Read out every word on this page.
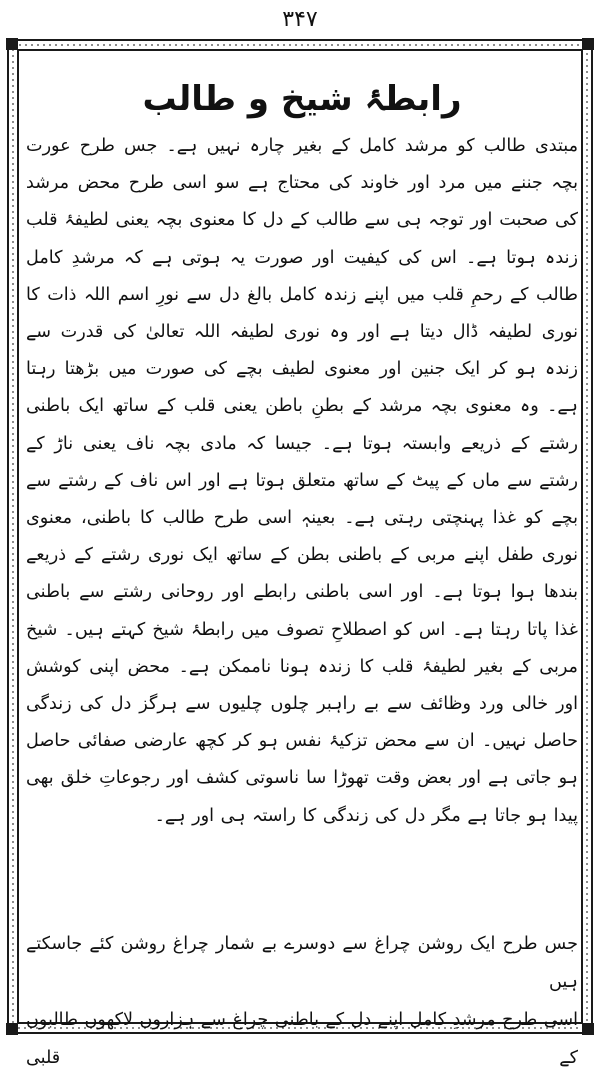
۳۴۷
رابطۂ شیخ و طالب

مبتدی طالب کو مرشد کامل کے بغیر چارہ نہیں ہے۔ جس طرح عورت بچہ جننے میں مرد اور خاوند کی محتاج ہے سو اسی طرح محض مرشد کی صحبت اور توجہ ہی سے طالب کے دل کا معنوی بچہ یعنی لطیفۂ قلب زندہ ہوتا ہے۔ اس کی کیفیت اور صورت یہ ہوتی ہے کہ مرشدِ کامل طالب کے رحمِ قلب میں اپنے زندہ کامل بالغ دل سے نورِ اسم اللہ ذات کا نوری لطیفہ ڈال دیتا ہے اور وہ نوری لطیفہ اللہ تعالیٰ کی قدرت سے زندہ ہو کر ایک جنین اور معنوی لطیف بچے کی صورت میں بڑھتا رہتا ہے۔ وہ معنوی بچہ مرشد کے بطنِ باطن یعنی قلب کے ساتھ ایک باطنی رشتے کے ذریعے وابستہ ہوتا ہے۔ جیسا کہ مادی بچہ ناف یعنی ناڑ کے رشتے سے ماں کے پیٹ کے ساتھ متعلق ہوتا ہے اور اس ناف کے رشتے سے بچے کو غذا پہنچتی رہتی ہے۔ بعینہٖ اسی طرح طالب کا باطنی، معنوی نوری طفل اپنے مربی کے باطنی بطن کے ساتھ ایک نوری رشتے کے ذریعے بندھا ہوا ہوتا ہے۔ اور اسی باطنی رابطے اور روحانی رشتے سے باطنی غذا پاتا رہتا ہے۔ اس کو اصطلاحِ تصوف میں رابطۂ شیخ کہتے ہیں۔ شیخ مربی کے بغیر لطیفۂ قلب کا زندہ ہونا ناممکن ہے۔ محض اپنی کوشش اور خالی ورد وظائف سے بے راہبر چلوں چلیوں سے ہرگز دل کی زندگی حاصل نہیں۔ ان سے محض تزکیۂ نفس ہو کر کچھ عارضی صفائی حاصل ہو جاتی ہے اور بعض وقت تھوڑا سا ناسوتی کشف اور رجوعاتِ خلق بھی پیدا ہو جاتا ہے مگر دل کی زندگی کا راستہ ہی اور ہے۔

جس طرح ایک روشن چراغ سے دوسرے بے شمار چراغ روشن کئے جاسکتے ہیں
اسی طرح مرشدِ کامل اپنے دل کے باطنی چراغ سے ہزاروں لاکھوں طالبوں کے قلبی
